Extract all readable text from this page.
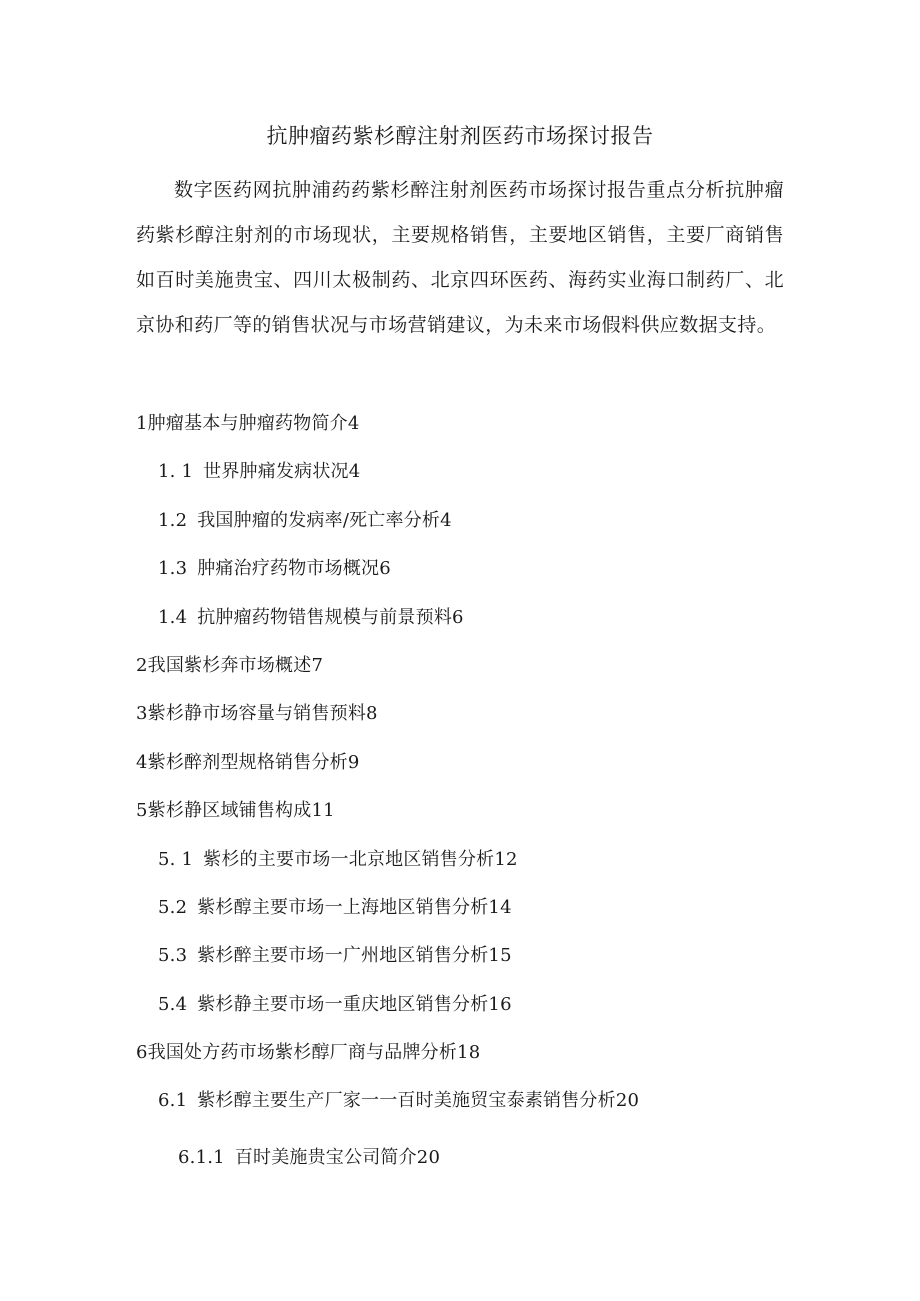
抗肿瘤药紫杉醇注射剂医药市场探讨报告

数字医药网抗肿浦药药紫杉醉注射剂医药市场探讨报告重点分析抗肿瘤药紫杉醇注射剂的市场现状，主要规格销售，主要地区销售，主要厂商销售如百时美施贵宝、四川太极制药、北京四环医药、海药实业海口制药厂、北京协和药厂等的销售状况与市场营销建议，为未来市场假料供应数据支持。

1肿瘤基本与肿瘤药物简介4
1. 1 世界肿痛发病状况4
1.2 我国肿瘤的发病率/死亡率分析4
1.3 肿痛治疗药物市场概况6
1.4 抗肿瘤药物错售规模与前景预料6
2我国紫杉奔市场概述7
3紫杉静市场容量与销售预料8
4紫杉醉剂型规格销售分析9
5紫杉静区域铺售构成11
5. 1 紫杉的主要市场一北京地区销售分析12
5.2 紫杉醇主要市场一上海地区销售分析14
5.3 紫杉醉主要市场一广州地区销售分析15
5.4 紫杉静主要市场一重庆地区销售分析16
6我国处方药市场紫杉醇厂商与品牌分析18
6.1 紫杉醇主要生产厂家一一百时美施贸宝泰素销售分析20
6.1.1 百时美施贵宝公司简介20
